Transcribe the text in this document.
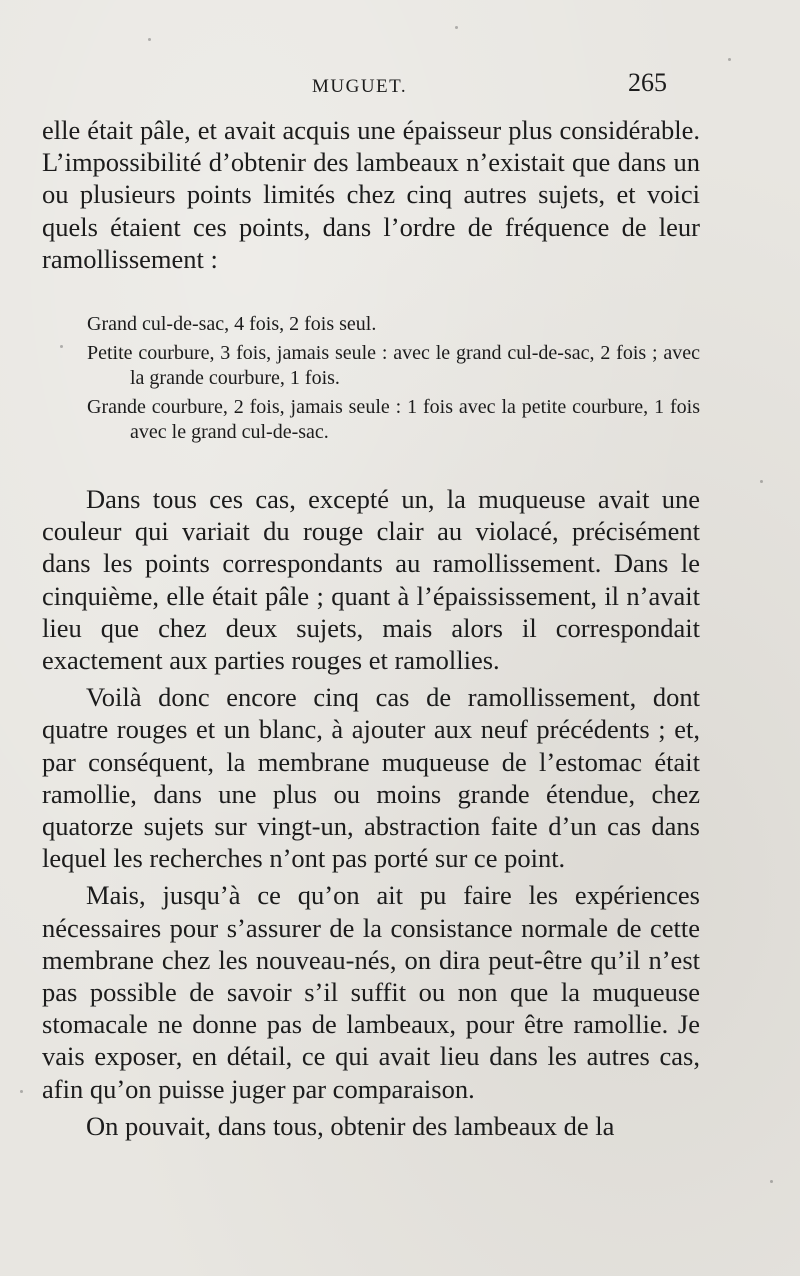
MUGUET.	265

elle était pâle, et avait acquis une épaisseur plus considérable. L’impossibilité d’obtenir des lambeaux n’existait que dans un ou plusieurs points limités chez cinq autres sujets, et voici quels étaient ces points, dans l’ordre de fréquence de leur ramollissement :

Grand cul-de-sac, 4 fois, 2 fois seul.

Petite courbure, 3 fois, jamais seule : avec le grand cul-de-sac, 2 fois ; avec la grande courbure, 1 fois.

Grande courbure, 2 fois, jamais seule : 1 fois avec la petite courbure, 1 fois avec le grand cul-de-sac.

Dans tous ces cas, excepté un, la muqueuse avait une couleur qui variait du rouge clair au violacé, précisément dans les points correspondants au ramollissement. Dans le cinquième, elle était pâle ; quant à l’épaississement, il n’avait lieu que chez deux sujets, mais alors il correspondait exactement aux parties rouges et ramollies.

Voilà donc encore cinq cas de ramollissement, dont quatre rouges et un blanc, à ajouter aux neuf précédents ; et, par conséquent, la membrane muqueuse de l’estomac était ramollie, dans une plus ou moins grande étendue, chez quatorze sujets sur vingt-un, abstraction faite d’un cas dans lequel les recherches n’ont pas porté sur ce point.

Mais, jusqu’à ce qu’on ait pu faire les expériences nécessaires pour s’assurer de la consistance normale de cette membrane chez les nouveau-nés, on dira peut-être qu’il n’est pas possible de savoir s’il suffit ou non que la muqueuse stomacale ne donne pas de lambeaux, pour être ramollie. Je vais exposer, en détail, ce qui avait lieu dans les autres cas, afin qu’on puisse juger par comparaison.

On pouvait, dans tous, obtenir des lambeaux de la
